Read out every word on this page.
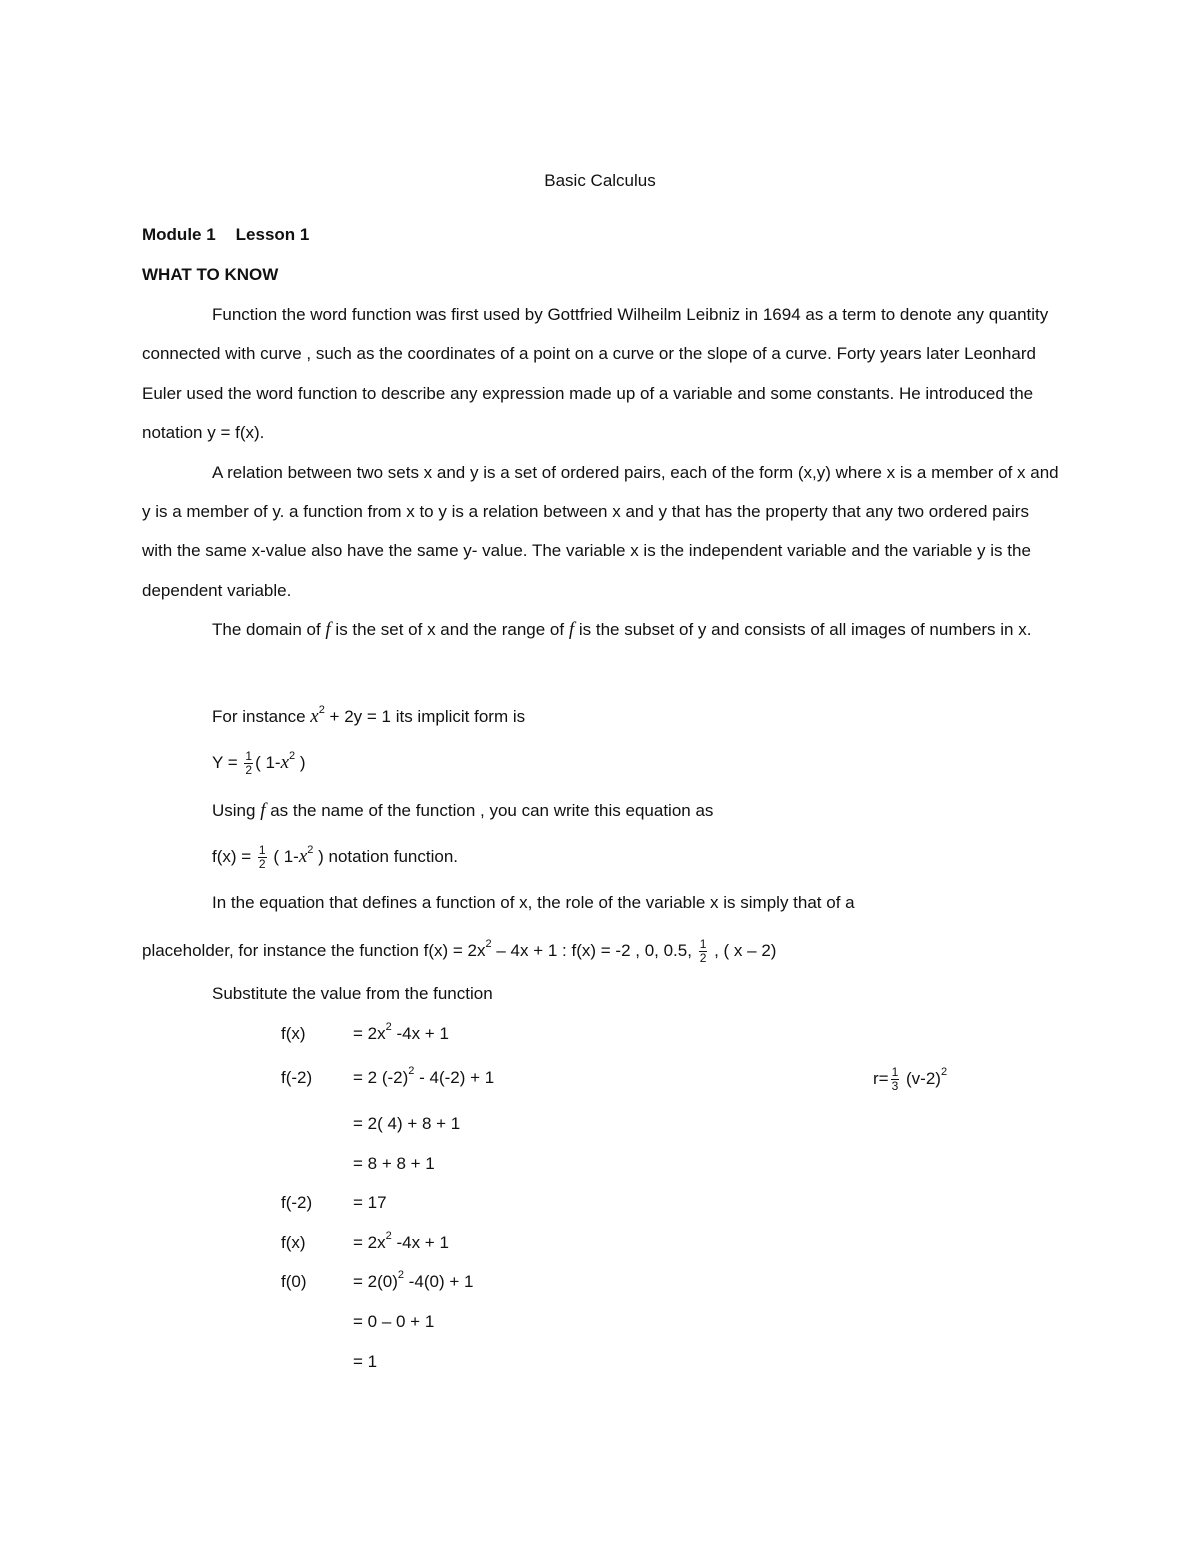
Basic Calculus
Module 1 Lesson 1
WHAT TO KNOW

Function the word function was first used by Gottfried Wilheilm Leibniz in 1694 as a term to denote any quantity connected with curve , such as the coordinates of a point on a curve or the slope of a curve. Forty years later Leonhard Euler used the word function to describe any expression made up of a variable and some constants. He introduced the notation y = f(x).

A relation between two sets x and y is a set of ordered pairs, each of the form (x,y) where x is a member of x and y is a member of y. a function from x to y is a relation between x and y that has the property that any two ordered pairs with the same x-value also have the same y- value. The variable x is the independent variable and the variable y is the dependent variable.

The domain of f is the set of x and the range of f is the subset of y and consists of all images of numbers in x.

For instance $x^2 + 2y = 1$ its implicit form is
$Y = \frac{1}{2}$ ( $1-x^2$ )
Using f as the name of the function , you can write this equation as
$f(x) = \frac{1}{2}$ ( $1-x^2$ ) notation function.
In the equation that defines a function of x, the role of the variable x is simply that of a
placeholder, for instance the function $f(x) = 2x^2 - 4x + 1$ : f(x) = -2 , 0, 0.5, $\frac{1}{2}$ , ( x – 2)
Substitute the value from the function
f(x)	= $2x^2$ -4x + 1
f(-2) = 2 $(-2)^2 - 4(-2) + 1$
= 2( 4) + 8 + 1
= 8 + 8 + 1
f(-2) = 17
f(x)	= $2x^2$ -4x + 1
f(0)	= $2(0)^2$ -4(0) + 1
= 0 – 0 + 1
= 1
$r= \frac{1}{3} (v-2)^2$
